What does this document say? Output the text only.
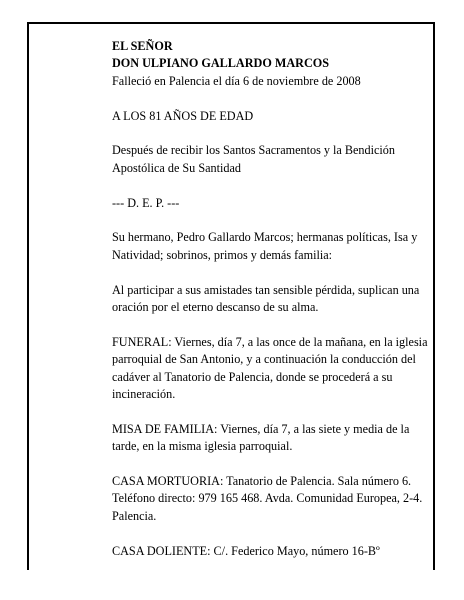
EL SEÑOR

DON ULPIANO GALLARDO MARCOS

Falleció en Palencia el día 6 de noviembre de 2008

A LOS 81 AÑOS DE EDAD

Después de recibir los Santos Sacramentos y la Bendición Apostólica de Su Santidad

--- D. E. P. ---

Su hermano, Pedro Gallardo Marcos; hermanas políticas, Isa y Natividad; sobrinos, primos y demás familia:

Al participar a sus amistades tan sensible pérdida, suplican una oración por el eterno descanso de su alma.

FUNERAL: Viernes, día 7, a las once de la mañana, en la iglesia parroquial de San Antonio, y a continuación la conducción del cadáver al Tanatorio de Palencia, donde se procederá a su incineración.

MISA DE FAMILIA: Viernes, día 7, a las siete y media de la tarde, en la misma iglesia parroquial.

CASA MORTUORIA: Tanatorio de Palencia. Sala número 6. Teléfono directo: 979 165 468. Avda. Comunidad Europea, 2-4. Palencia.

CASA DOLIENTE: C/. Federico Mayo, número 16-Bº
